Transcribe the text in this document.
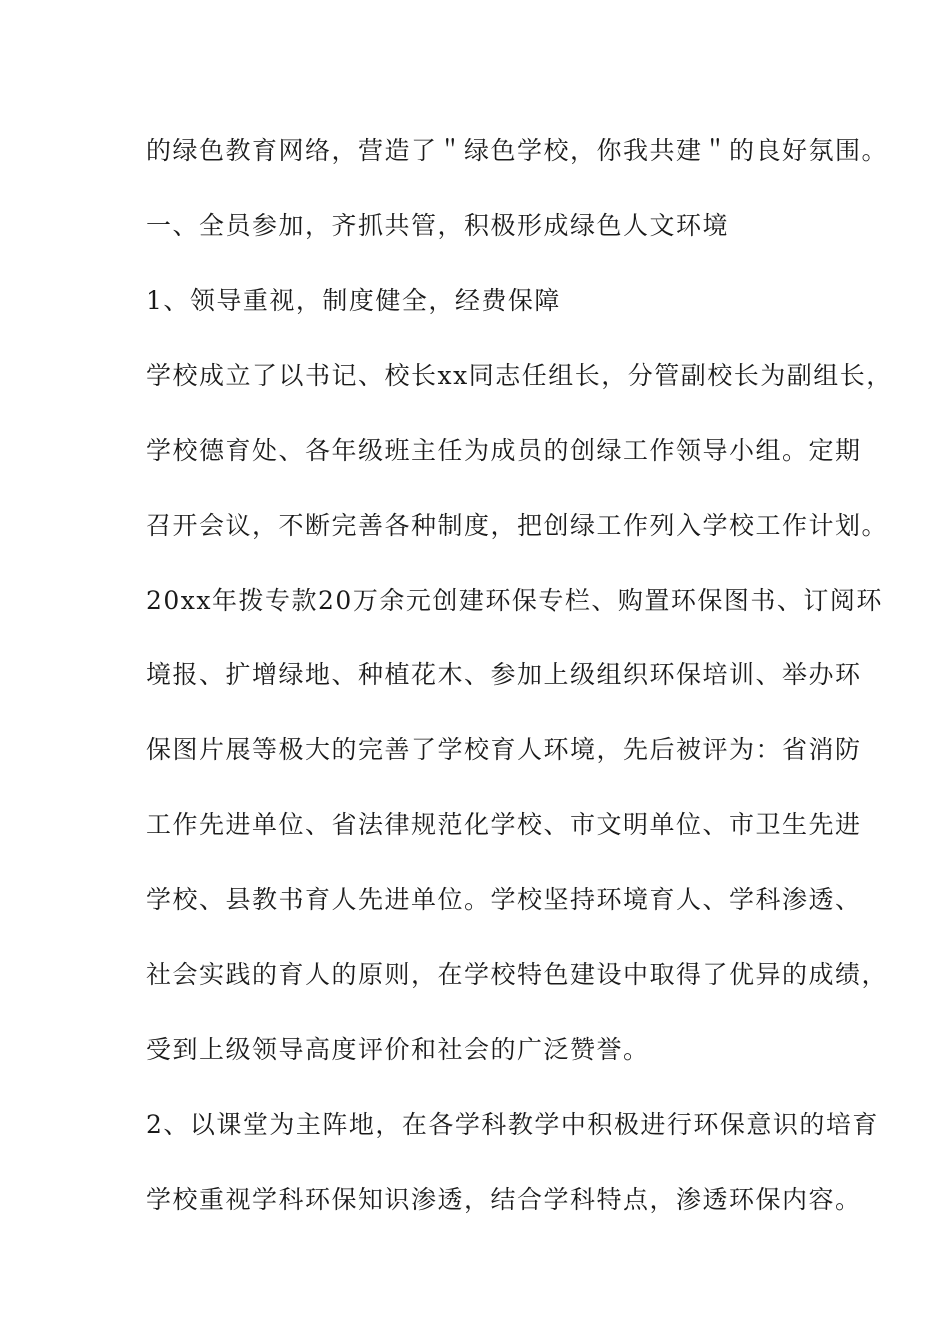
的绿色教育网络，营造了＂绿色学校，你我共建＂的良好氛围。
一、全员参加，齐抓共管，积极形成绿色人文环境
1、领导重视，制度健全，经费保障
学校成立了以书记、校长xx同志任组长，分管副校长为副组长，
学校德育处、各年级班主任为成员的创绿工作领导小组。定期
召开会议，不断完善各种制度，把创绿工作列入学校工作计划。
20xx年拨专款20万余元创建环保专栏、购置环保图书、订阅环
境报、扩增绿地、种植花木、参加上级组织环保培训、举办环
保图片展等极大的完善了学校育人环境，先后被评为：省消防
工作先进单位、省法律规范化学校、市文明单位、市卫生先进
学校、县教书育人先进单位。学校坚持环境育人、学科渗透、
社会实践的育人的原则，在学校特色建设中取得了优异的成绩，
受到上级领导高度评价和社会的广泛赞誉。
2、以课堂为主阵地，在各学科教学中积极进行环保意识的培育
学校重视学科环保知识渗透，结合学科特点，渗透环保内容。
